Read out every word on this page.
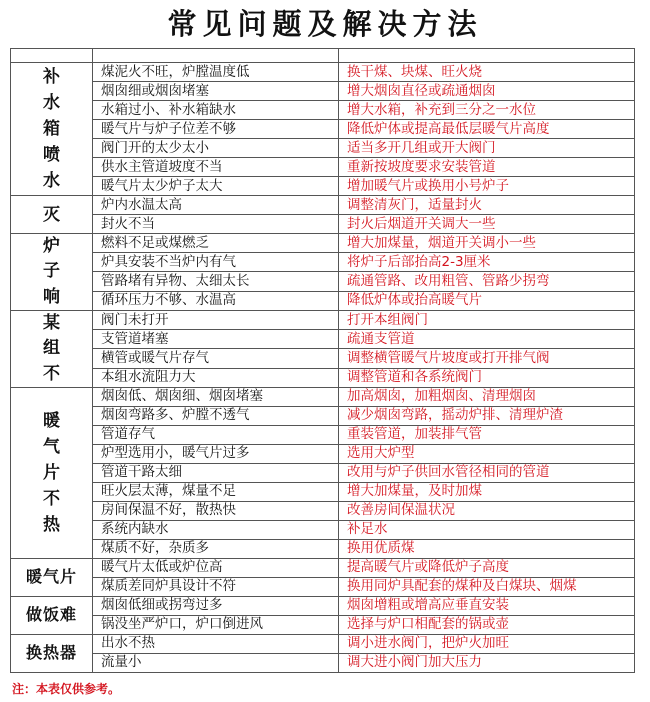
常见问题及解决方法

补水箱喷水	煤泥火不旺，炉膛温度低	换干煤、块煤、旺火烧
	烟囱细或烟囱堵塞	增大烟囱直径或疏通烟囱
	水箱过小、补水箱缺水	增大水箱，补充到三分之一水位
	暖气片与炉子位差不够	降低炉体或提高最低层暖气片高度
	阀门开的太少太小	适当多开几组或开大阀门
	供水主管道坡度不当	重新按坡度要求安装管道
	暖气片太少炉子太大	增加暖气片或换用小号炉子
灭	炉内水温太高	调整清灰门，适量封火
	封火不当	封火后烟道开关调大一些
炉子响	燃料不足或煤燃乏	增大加煤量，烟道开关调小一些
	炉具安装不当炉内有气	将炉子后部抬高2-3厘米
	管路堵有异物、太细太长	疏通管路、改用粗管、管路少拐弯
	循环压力不够、水温高	降低炉体或抬高暖气片
某组不	阀门未打开	打开本组阀门
	支管道堵塞	疏通支管道
	横管或暖气片存气	调整横管暖气片坡度或打开排气阀
	本组水流阻力大	调整管道和各系统阀门
暖气片不热	烟囱低、烟囱细、烟囱堵塞	加高烟囱，加粗烟囱、清理烟囱
	烟囱弯路多、炉膛不透气	减少烟囱弯路，摇动炉排、清理炉渣
	管道存气	重装管道，加装排气管
	炉型选用小，暖气片过多	选用大炉型
	管道干路太细	改用与炉子供回水管径相同的管道
	旺火层太薄，煤量不足	增大加煤量，及时加煤
	房间保温不好，散热快	改善房间保温状况
	系统内缺水	补足水
	煤质不好，杂质多	换用优质煤
暖气片	暖气片太低或炉位高	提高暖气片或降低炉子高度
	煤质差同炉具设计不符	换用同炉具配套的煤种及白煤块、烟煤
做饭难	烟囱低细或拐弯过多	烟囱增粗或增高应垂直安装
	锅没坐严炉口，炉口倒进风	选择与炉口相配套的锅或壶
换热器	出水不热	调小进水阀门，把炉火加旺
	流量小	调大进小阀门加大压力
注：本表仅供参考。
